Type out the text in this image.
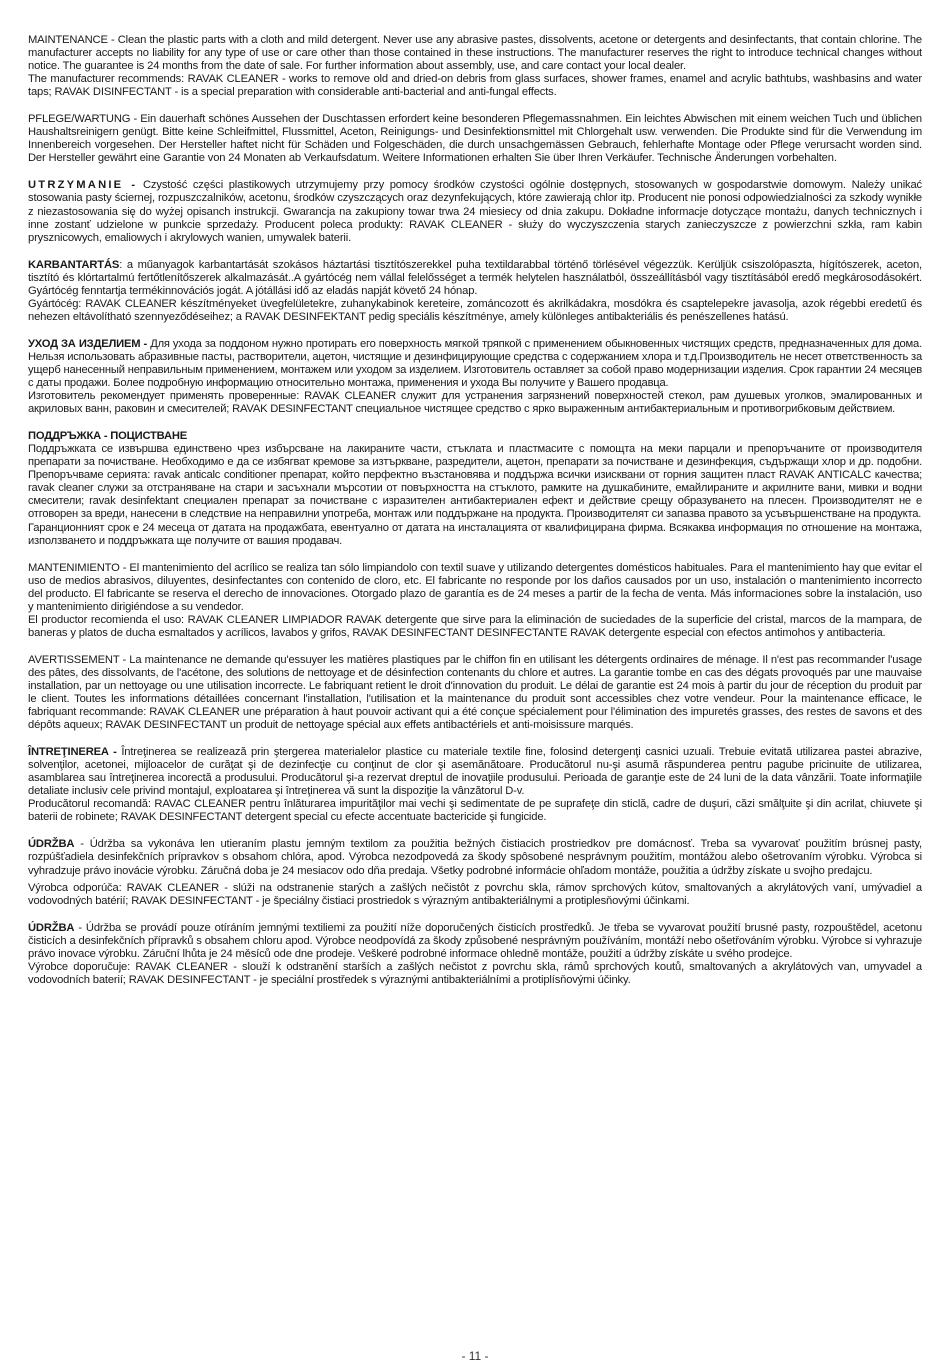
MAINTENANCE - Clean the plastic parts with a cloth and mild detergent. Never use any abrasive pastes, dissolvents, acetone or detergents and desinfectants, that contain chlorine. The manufacturer accepts no liability for any type of use or care other than those contained in these instructions. The manufacturer reserves the right to introduce technical changes without notice. The guarantee is 24 months from the date of sale. For further information about assembly, use, and care contact your local dealer.

The manufacturer recommends: RAVAK CLEANER - works to remove old and dried-on debris from glass surfaces, shower frames, enamel and acrylic bathtubs, washbasins and water taps; RAVAK DISINFECTANT - is a special preparation with considerable anti-bacterial and anti-fungal effects.

PFLEGE/WARTUNG - Ein dauerhaft schönes Aussehen der Duschtassen erfordert keine besonderen Pflegemassnahmen. Ein leichtes Abwischen mit einem weichen Tuch und üblichen Haushaltsreinigern genügt. Bitte keine Schleifmittel, Flussmittel, Aceton, Reinigungs- und Desinfektionsmittel mit Chlorgehalt usw. verwenden. Die Produkte sind für die Verwendung im Innenbereich vorgesehen. Der Hersteller haftet nicht für Schäden und Folgeschäden, die durch unsachgemässen Gebrauch, fehlerhafte Montage oder Pflege verursacht worden sind. Der Hersteller gewährt eine Garantie von 24 Monaten ab Verkaufsdatum. Weitere Informationen erhalten Sie über Ihren Verkäufer. Technische Änderungen vorbehalten.

UTRZYMANIE - Czystość części plastikowych utrzymujemy przy pomocy środków czystości ogólnie dostępnych, stosowanych w gospodarstwie domowym. Należy unikać stosowania pasty ściernej, rozpuszczalników, acetonu, środków czyszczących oraz dezynfekujących, które zawierają chlor itp. Producent nie ponosi odpowiedzialności za szkody wynikłe z niezastosowania się do wyżej opisanch instrukcji. Gwarancja na zakupiony towar trwa 24 miesiecy od dnia zakupu. Dokładne informacje dotyczące montażu, danych technicznych i inne zostanť udzielone w punkcie sprzedaży. Producent poleca produkty: RAVAK CLEANER - służy do wyczyszczenia starych zanieczyszcze z powierzchni szkła, ram kabin prysznicowych, emaliowych i akrylowych wanien, umywalek baterii.

KARBANTARTÁS: a műanyagok karbantartását szokásos háztartási tisztítószerekkel puha textildarabbal történő törlésével végezzük. Kerüljük csiszolópaszta, hígítószerek, aceton, tisztító és klórtartalmú fertőtlenítőszerek alkalmazását..A gyártócég nem vállal felelősséget a termék helytelen használatból, összeállításból vagy tisztításából eredő megkárosodásokért. Gyártócég fenntartja termékinnovációs jogát. A jótállási idő az eladás napját követő 24 hónap.

Gyártócég: RAVAK CLEANER készítményeket üvegfelületekre, zuhanykabinok kereteire, zománcozott és akrilkádakra, mosdókra és csaptelepekre javasolja, azok régebbi eredetű és nehezen eltávolítható szennyeződéseihez; a RAVAK DESINFEKTANT pedig speciális készítménye, amely különleges antibakteriális és penészellenes hatású.

УХОД ЗА ИЗДЕЛИЕМ - Для ухода за поддоном нужно протирать его поверхность мягкой тряпкой с применением обыкновенных чистящих средств, предназначенных для дома. Нельзя использовать абразивные пасты, растворители, ацетон, чистящие и дезинфицирующие средства с содержанием хлора и т.д.Производитель не несет ответственность за ущерб нанесенный неправильным применением, монтажем или уходом за изделием. Изготовитель оставляет за собой право модернизации изделия. Срок гарантии 24 месяцев с даты продажи. Более подробную информацию относительно монтажа, применения и ухода Вы получите у Вашего продавца.

Изготовитель рекомендует применять проверенные: RAVAK CLEANER служит для устранения загрязнений поверхностей стекол, рам душевых уголков, эмалированных и акриловых ванн, раковин и смесителей; RAVAK DESINFECTANT специальное чистящее средство с ярко выраженным антибактериальным и противогрибковым действием.

ПОДДРЪЖКА - ПОЦИСТВАНЕ

Поддръжката се извършва единствено чрез избърсване на лакираните части, стъклата и пластмасите с помощта на меки парцали и препоръчаните от производителя препарати за почистване. Необходимо е да се избягват кремове за изтъркване, разредители, ацетон, препарати за почистване и дезинфекция, съдържащи хлор и др. подобни. Препоръчваме серията: ravak anticalc conditioner препарат, който перфектно възстановява и поддържа всички изисквани от горния защитен пласт RAVAK ANTICALC качества; ravak cleaner служи за отстраняване на стари и засъхнали мърсотии от повърхността на стъклото, рамките на душкабините, емайлираните и акрилните вани, мивки и водни смесители; ravak desinfektant специален препарат за почистване с изразителен антибактериален ефект и действие срещу образуването на плесен. Производителят не е отговорен за вреди, нанесени в следствие на неправилни употреба, монтаж или поддържане на продукта. Производителят си запазва правото за усъвършенстване на продукта.

Гаранционният срок е 24 месеца от датата на продажбата, евентуално от датата на инсталацията от квалифицирана фирма. Всякаква информация по отношение на монтажа, използването и поддръжката ще получите от вашия продавач.

MANTENIMIENTO - El mantenimiento del acrílico se realiza tan sólo limpiandolo con textil suave y utilizando detergentes domésticos habituales. Para el mantenimiento hay que evitar el uso de medios abrasivos, diluyentes, desinfectantes con contenido de cloro, etc. El fabricante no responde por los daños causados por un uso, instalación o mantenimiento incorrecto del producto. El fabricante se reserva el derecho de innovaciones. Otorgado plazo de garantía es de 24 meses a partir de la fecha de venta. Más informaciones sobre la instalación, uso y mantenimiento dirigiéndose a su vendedor.

El productor recomienda el uso: RAVAK CLEANER LIMPIADOR RAVAK detergente que sirve para la eliminación de suciedades de la superficie del cristal, marcos de la mampara, de baneras y platos de ducha esmaltados y acrílicos, lavabos y grifos, RAVAK DESINFECTANT DESINFECTANTE RAVAK detergente especial con efectos antimohos y antibacteria.

AVERTISSEMENT - La maintenance ne demande qu'essuyer les matières plastiques par le chiffon fin en utilisant les détergents ordinaires de ménage. Il n'est pas recommander l'usage des pâtes, des dissolvants, de l'acétone, des solutions de nettoyage et de désinfection contenants du chlore et autres. La garantie tombe en cas des dégats provoqués par une mauvaise installation, par un nettoyage ou une utilisation incorrecte. Le fabriquant retient le droit d'innovation du produit. Le délai de garantie est 24 mois à partir du jour de réception du produit par le client. Toutes les informations détaillées concernant l'installation, l'utilisation et la maintenance du produit sont accessibles chez votre vendeur. Pour la maintenance efficace, le fabriquant recommande: RAVAK CLEANER une préparation à haut pouvoir activant qui a été conçue spécialement pour l'élimination des impuretés grasses, des restes de savons et des dépôts aqueux; RAVAK DESINFECTANT un produit de nettoyage spécial aux effets antibactériels et anti-moisissure marqués.

ÎNTREŢINEREA - Întreţinerea se realizează prin ştergerea materialelor plastice cu materiale textile fine, folosind detergenţi casnici uzuali. Trebuie evitată utilizarea pastei abrazive, solvenţilor, acetonei, mijloacelor de curăţat şi de dezinfecţie cu conţinut de clor şi asemănătoare. Producătorul nu-şi asumă răspunderea pentru pagube pricinuite de utilizarea, asamblarea sau întreţinerea incorectă a produsului. Producătorul şi-a rezervat dreptul de inovaţiile produsului. Perioada de garanţie este de 24 luni de la data vânzării. Toate informaţiile detaliate inclusiv cele privind montajul, exploatarea şi întreţinerea vă sunt la dispoziţie la vânzătorul D-v.

Producătorul recomandă: RAVAC CLEANER pentru înlăturarea impurităţilor mai vechi şi sedimentate de pe suprafeţe din sticlă, cadre de duşuri, căzi smălţuite şi din acrilat, chiuvete şi baterii de robinete; RAVAK DESINFECTANT detergent special cu efecte accentuate bactericide şi fungicide.

ÚDRŽBA - Údržba sa vykonáva len utieraním plastu jemným textilom za použitia bežných čistiacich prostriedkov pre domácnosť. Treba sa vyvarovať použitím brúsnej pasty, rozpúšťadiela desinfekčních prípravkov s obsahom chlóra, apod. Výrobca nezodpovedá za škody spôsobené nesprávnym použitím, montážou alebo ošetrovaním výrobku. Výrobca si vyhradzuje právo inovácie výrobku. Záručná doba je 24 mesiacov odo dňa predaja. Všetky podrobné informácie ohľadom montáže, použitia a údržby získate u svojho predajcu.

Výrobca odporúča: RAVAK CLEANER - slúži na odstranenie starých a zašlých nečistôt z povrchu skla, rámov sprchových kútov, smaltovaných a akrylátových vaní, umývadiel a vodovodných batérií; RAVAK DESINFECTANT - je špeciálny čistiaci prostriedok s výrazným antibakteriálnymi a protiplesňovými účinkami.

ÚDRŽBA - Údržba se provádí pouze otíráním jemnými textiliemi za použití níže doporučených čisticích prostředků. Je třeba se vyvarovat použití brusné pasty, rozpouštědel, acetonu čisticích a desinfekčních přípravků s obsahem chloru apod. Výrobce neodpovídá za škody způsobené nesprávným používáním, montáží nebo ošetřováním výrobku. Výrobce si vyhrazuje právo inovace výrobku. Záruční lhůta je 24 měsíců ode dne prodeje. Veškeré podrobné informace ohledně montáže, použití a údržby získáte u svého prodejce.

Výrobce doporučuje: RAVAK CLEANER - slouží k odstranění starších a zašlých nečistot z povrchu skla, rámů sprchových koutů, smaltovaných a akrylátových van, umyvadel a vodovodních baterií; RAVAK DESINFECTANT - je speciální prostředek s výraznými antibakteriálními a protiplísňovými účinky.

- 11 -
